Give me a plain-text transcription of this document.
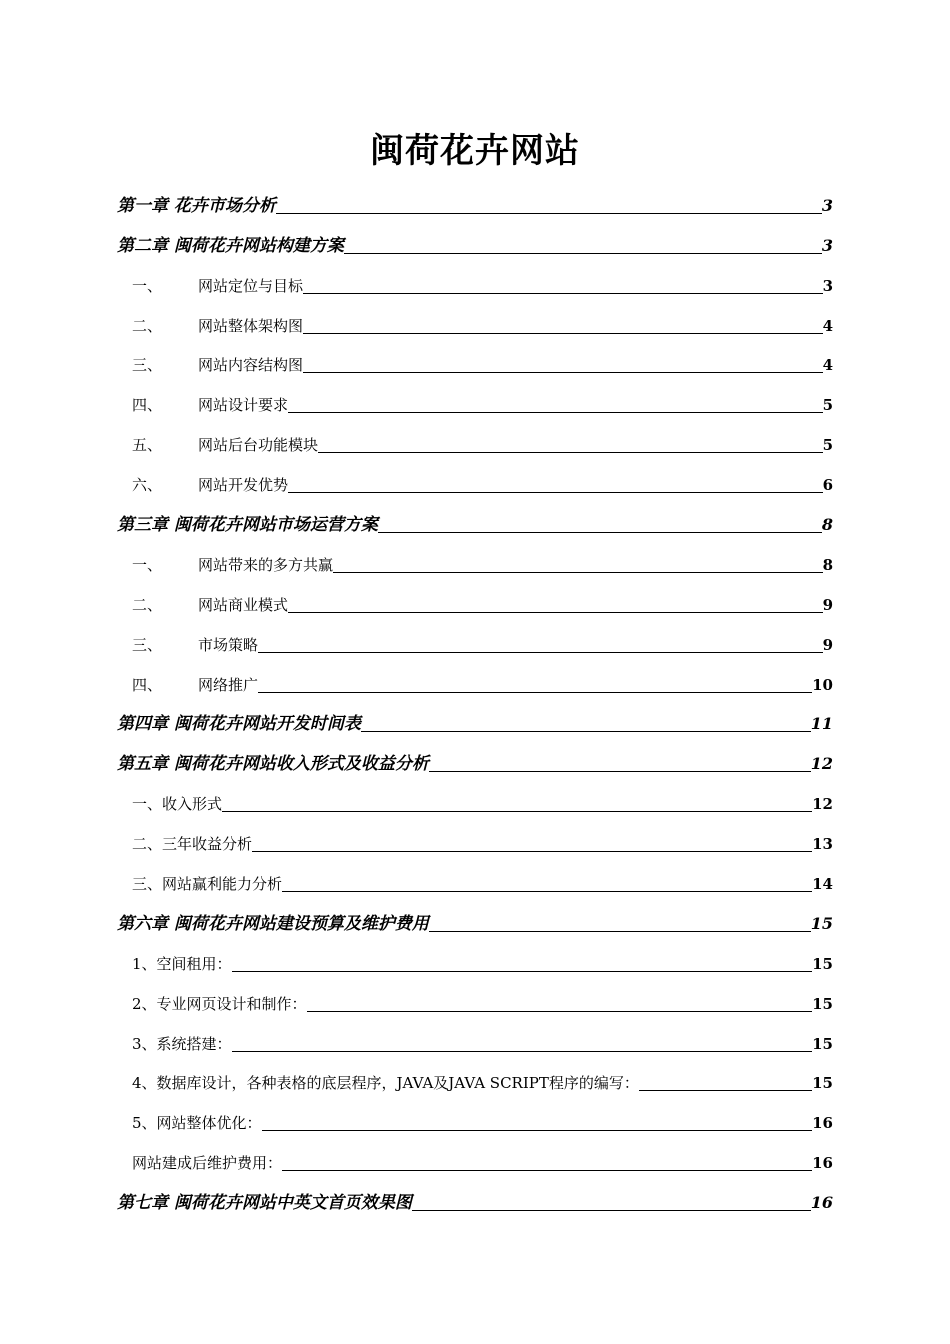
闽荷花卉网站
第一章 花卉市场分析	3
第二章 闽荷花卉网站构建方案	3
一、 网站定位与目标	3
二、 网站整体架构图	4
三、 网站内容结构图	4
四、 网站设计要求	5
五、 网站后台功能模块	5
六、 网站开发优势	6
第三章 闽荷花卉网站市场运营方案	8
一、 网站带来的多方共赢	8
二、 网站商业模式	9
三、 市场策略	9
四、 网络推广	10
第四章 闽荷花卉网站开发时间表	11
第五章 闽荷花卉网站收入形式及收益分析	12
一、收入形式	12
二、三年收益分析	13
三、网站赢利能力分析	14
第六章 闽荷花卉网站建设预算及维护费用	15
1、空间租用：	15
2、专业网页设计和制作：	15
3、系统搭建：	15
4、数据库设计，各种表格的底层程序，JAVA及JAVA SCRIPT程序的编写：	15
5、网站整体优化：	16
网站建成后维护费用：	16
第七章 闽荷花卉网站中英文首页效果图	16
